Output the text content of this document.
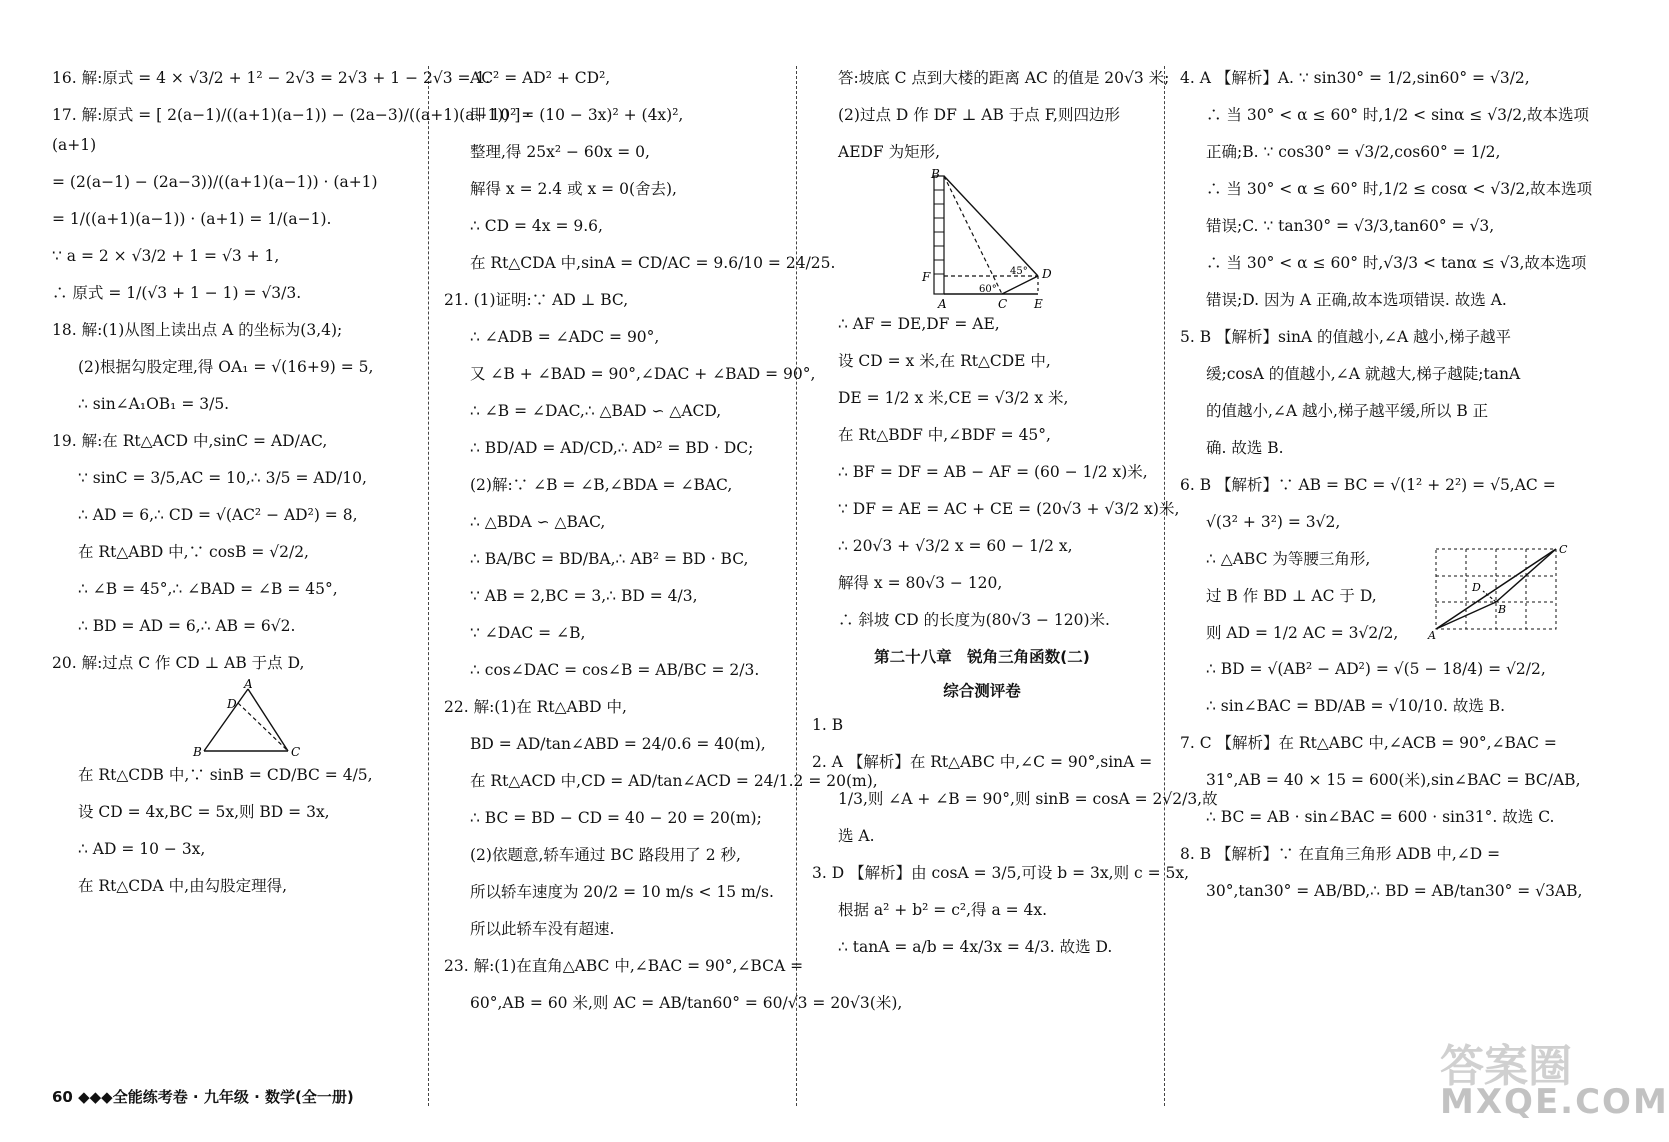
16. 解:原式 = 4 × √3/2 + 1² − 2√3 = 2√3 + 1 − 2√3 = 1.
17. 解:原式 = [ 2(a−1)/((a+1)(a−1)) − (2a−3)/((a+1)(a−1)) ] ·
(a+1)
= (2(a−1) − (2a−3))/((a+1)(a−1)) · (a+1)
= 1/((a+1)(a−1)) · (a+1) = 1/(a−1).
∵ a = 2 × √3/2 + 1 = √3 + 1,
∴ 原式 = 1/(√3 + 1 − 1) = √3/3.
18. 解:(1)从图上读出点 A 的坐标为(3,4);
(2)根据勾股定理,得 OA₁ = √(16+9) = 5,
∴ sin∠A₁OB₁ = 3/5.
19. 解:在 Rt△ACD 中,sinC = AD/AC,
∵ sinC = 3/5,AC = 10,∴ 3/5 = AD/10,
∴ AD = 6,∴ CD = √(AC² − AD²) = 8,
在 Rt△ABD 中,∵ cosB = √2/2,
∴ ∠B = 45°,∴ ∠BAD = ∠B = 45°,
∴ BD = AD = 6,∴ AB = 6√2.
20. 解:过点 C 作 CD ⊥ AB 于点 D,
A
D
B	C
在 Rt△CDB 中,∵ sinB = CD/BC = 4/5,
设 CD = 4x,BC = 5x,则 BD = 3x,
∴ AD = 10 − 3x,
在 Rt△CDA 中,由勾股定理得,
AC² = AD² + CD²,
即 10² = (10 − 3x)² + (4x)²,
整理,得 25x² − 60x = 0,
解得 x = 2.4 或 x = 0(舍去),
∴ CD = 4x = 9.6,
在 Rt△CDA 中,sinA = CD/AC = 9.6/10 = 24/25.
21. (1)证明:∵ AD ⊥ BC,
∴ ∠ADB = ∠ADC = 90°,
又 ∠B + ∠BAD = 90°,∠DAC + ∠BAD = 90°,
∴ ∠B = ∠DAC,∴ △BAD ∽ △ACD,
∴ BD/AD = AD/CD,∴ AD² = BD · DC;
(2)解:∵ ∠B = ∠B,∠BDA = ∠BAC,
∴ △BDA ∽ △BAC,
∴ BA/BC = BD/BA,∴ AB² = BD · BC,
∵ AB = 2,BC = 3,∴ BD = 4/3,
∵ ∠DAC = ∠B,
∴ cos∠DAC = cos∠B = AB/BC = 2/3.
22. 解:(1)在 Rt△ABD 中,
BD = AD/tan∠ABD = 24/0.6 = 40(m),
在 Rt△ACD 中,CD = AD/tan∠ACD = 24/1.2 = 20(m),
∴ BC = BD − CD = 40 − 20 = 20(m);
(2)依题意,轿车通过 BC 路段用了 2 秒,
所以轿车速度为 20/2 = 10 m/s < 15 m/s.
所以此轿车没有超速.
23. 解:(1)在直角△ABC 中,∠BAC = 90°,∠BCA =
60°,AB = 60 米,则 AC = AB/tan60° = 60/√3 = 20√3(米),
答:坡底 C 点到大楼的距离 AC 的值是 20√3 米;
(2)过点 D 作 DF ⊥ AB 于点 F,则四边形
AEDF 为矩形,
B
F
A	C E
D
60°
45°
∴ AF = DE,DF = AE,
设 CD = x 米,在 Rt△CDE 中,
DE = 1/2 x 米,CE = √3/2 x 米,
在 Rt△BDF 中,∠BDF = 45°,
∴ BF = DF = AB − AF = (60 − 1/2 x)米,
∵ DF = AE = AC + CE = (20√3 + √3/2 x)米,
∴ 20√3 + √3/2 x = 60 − 1/2 x,
解得 x = 80√3 − 120,
∴ 斜坡 CD 的长度为(80√3 − 120)米.
第二十八章　锐角三角函数(二)
综合测评卷
1. B
2. A 【解析】在 Rt△ABC 中,∠C = 90°,sinA =
1/3,则 ∠A + ∠B = 90°,则 sinB = cosA = 2√2/3,故
选 A.
3. D 【解析】由 cosA = 3/5,可设 b = 3x,则 c = 5x,
根据 a² + b² = c²,得 a = 4x.
∴ tanA = a/b = 4x/3x = 4/3. 故选 D.
4. A 【解析】A. ∵ sin30° = 1/2,sin60° = √3/2,
∴ 当 30° < α ≤ 60° 时,1/2 < sinα ≤ √3/2,故本选项
正确;B. ∵ cos30° = √3/2,cos60° = 1/2,
∴ 当 30° < α ≤ 60° 时,1/2 ≤ cosα < √3/2,故本选项
错误;C. ∵ tan30° = √3/3,tan60° = √3,
∴ 当 30° < α ≤ 60° 时,√3/3 < tanα ≤ √3,故本选项
错误;D. 因为 A 正确,故本选项错误. 故选 A.
5. B 【解析】sinA 的值越小,∠A 越小,梯子越平
缓;cosA 的值越小,∠A 就越大,梯子越陡;tanA
的值越小,∠A 越小,梯子越平缓,所以 B 正
确. 故选 B.
6. B 【解析】∵ AB = BC = √(1² + 2²) = √5,AC =
√(3² + 3²) = 3√2,
∴ △ABC 为等腰三角形,
过 B 作 BD ⊥ AC 于 D,
则 AD = 1/2 AC = 3√2/2,
C
D
B
A
∴ BD = √(AB² − AD²) = √(5 − 18/4) = √2/2,
∴ sin∠BAC = BD/AB = √10/10. 故选 B.
7. C 【解析】在 Rt△ABC 中,∠ACB = 90°,∠BAC =
31°,AB = 40 × 15 = 600(米),sin∠BAC = BC/AB,
∴ BC = AB · sin∠BAC = 600 · sin31°. 故选 C.
8. B 【解析】∵ 在直角三角形 ADB 中,∠D =
30°,tan30° = AB/BD,∴ BD = AB/tan30° = √3AB,
60 ◆◆◆全能练考卷 · 九年级 · 数学(全一册)
答案圈
MXQE.COM
